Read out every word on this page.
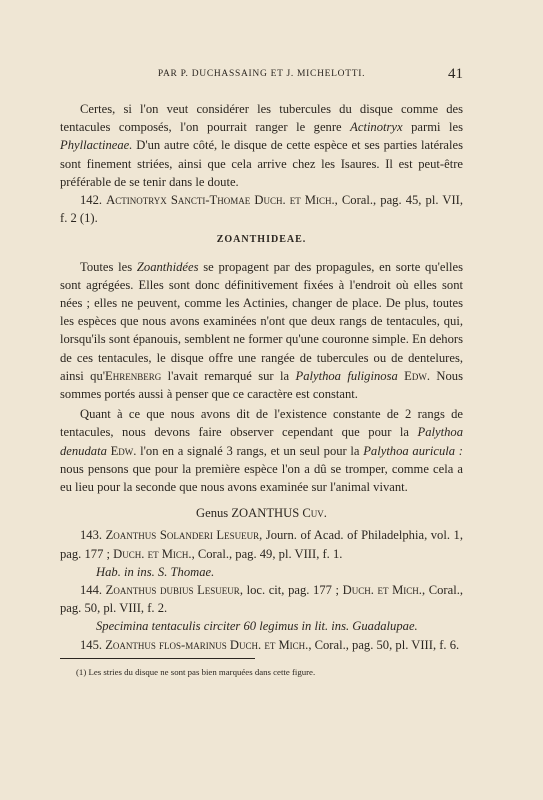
PAR P. DUCHASSAING ET J. MICHELOTTI.	41

Certes, si l'on veut considérer les tubercules du disque comme des tentacules composés, l'on pourrait ranger le genre Actinotryx parmi les Phyllactineae. D'un autre côté, le disque de cette espèce et ses parties latérales sont finement striées, ainsi que cela arrive chez les Isaures. Il est peut-être préférable de se tenir dans le doute.

142. Actinotryx Sancti-Thomae Duch. et Mich., Coral., pag. 45, pl. VII, f. 2 (1).

ZOANTHIDEAE.

Toutes les Zoanthidées se propagent par des propagules, en sorte qu'elles sont agrégées. Elles sont donc définitivement fixées à l'endroit où elles sont nées ; elles ne peuvent, comme les Actinies, changer de place. De plus, toutes les espèces que nous avons examinées n'ont que deux rangs de tentacules, qui, lorsqu'ils sont épanouis, semblent ne former qu'une couronne simple. En dehors de ces tentacules, le disque offre une rangée de tubercules ou de dentelures, ainsi qu'Ehrenberg l'avait remarqué sur la Palythoa fuliginosa Edw. Nous sommes portés aussi à penser que ce caractère est constant.

Quant à ce que nous avons dit de l'existence constante de 2 rangs de tentacules, nous devons faire observer cependant que pour la Palythoa denudata Edw. l'on en a signalé 3 rangs, et un seul pour la Palythoa auricula : nous pensons que pour la première espèce l'on a dû se tromper, comme cela a eu lieu pour la seconde que nous avons examinée sur l'animal vivant.

Genus ZOANTHUS Cuv.

143. Zoanthus Solanderi Lesueur, Journ. of Acad. of Philadelphia, vol. 1, pag. 177 ; Duch. et Mich., Coral., pag. 49, pl. VIII, f. 1.

Hab. in ins. S. Thomae.

144. Zoanthus dubius Lesueur, loc. cit, pag. 177 ; Duch. et Mich., Coral., pag. 50, pl. VIII, f. 2.

Specimina tentaculis circiter 60 legimus in lit. ins. Guadalupae.

145. Zoanthus flos-marinus Duch. et Mich., Coral., pag. 50, pl. VIII, f. 6.

(1) Les stries du disque ne sont pas bien marquées dans cette figure.
